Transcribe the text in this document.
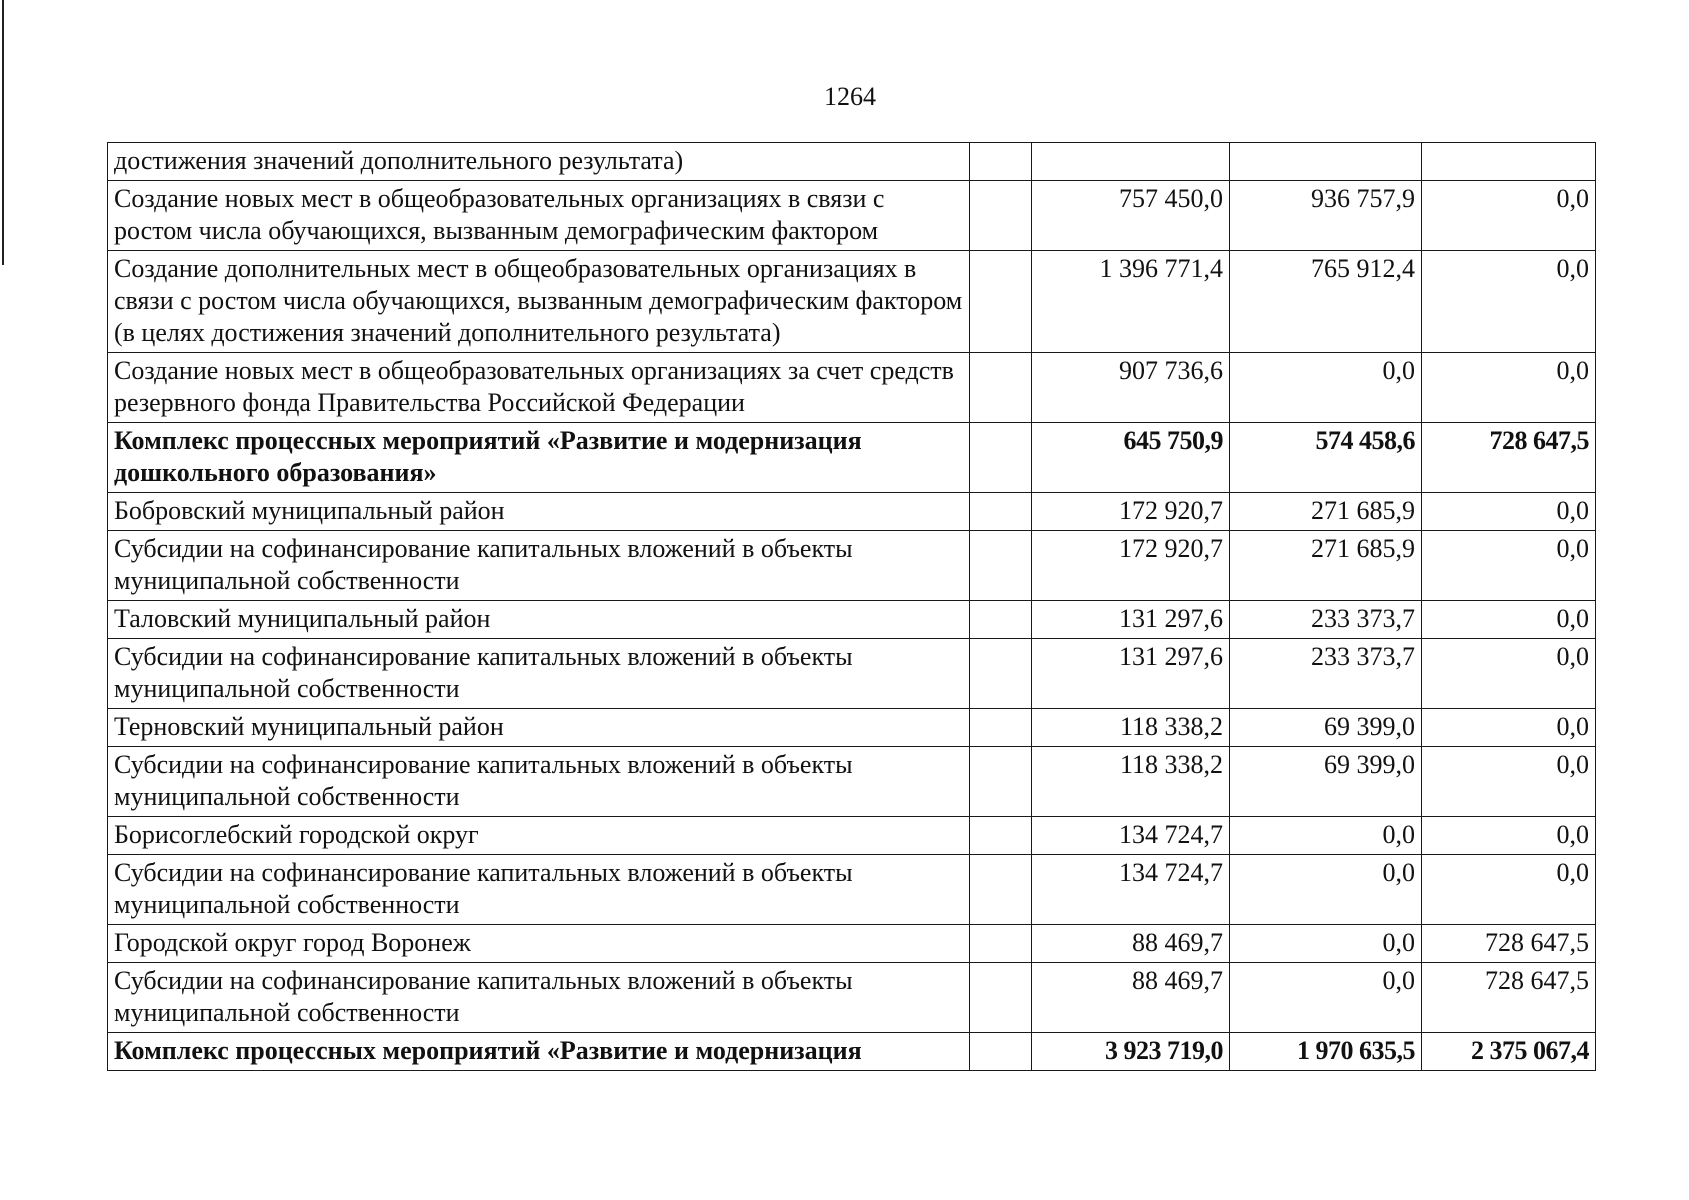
1264
достижения значений дополнительного результата)				
Создание новых мест в общеобразовательных организациях в связи с ростом числа обучающихся, вызванным демографическим фактором		757 450,0	936 757,9	0,0
Создание дополнительных мест в общеобразовательных организациях в связи с ростом числа обучающихся, вызванным демографическим фактором (в целях достижения значений дополнительного результата)		1 396 771,4	765 912,4	0,0
Создание новых мест в общеобразовательных организациях за счет средств резервного фонда Правительства Российской Федерации		907 736,6	0,0	0,0
Комплекс процессных мероприятий «Развитие и модернизация дошкольного образования»		645 750,9	574 458,6	728 647,5
Бобровский муниципальный район		172 920,7	271 685,9	0,0
Субсидии на софинансирование капитальных вложений в объекты муниципальной собственности		172 920,7	271 685,9	0,0
Таловский муниципальный район		131 297,6	233 373,7	0,0
Субсидии на софинансирование капитальных вложений в объекты муниципальной собственности		131 297,6	233 373,7	0,0
Терновский муниципальный район		118 338,2	69 399,0	0,0
Субсидии на софинансирование капитальных вложений в объекты муниципальной собственности		118 338,2	69 399,0	0,0
Борисоглебский городской округ		134 724,7	0,0	0,0
Субсидии на софинансирование капитальных вложений в объекты муниципальной собственности		134 724,7	0,0	0,0
Городской округ город Воронеж		88 469,7	0,0	728 647,5
Субсидии на софинансирование капитальных вложений в объекты муниципальной собственности		88 469,7	0,0	728 647,5
Комплекс процессных мероприятий «Развитие и модернизация		3 923 719,0	1 970 635,5	2 375 067,4
